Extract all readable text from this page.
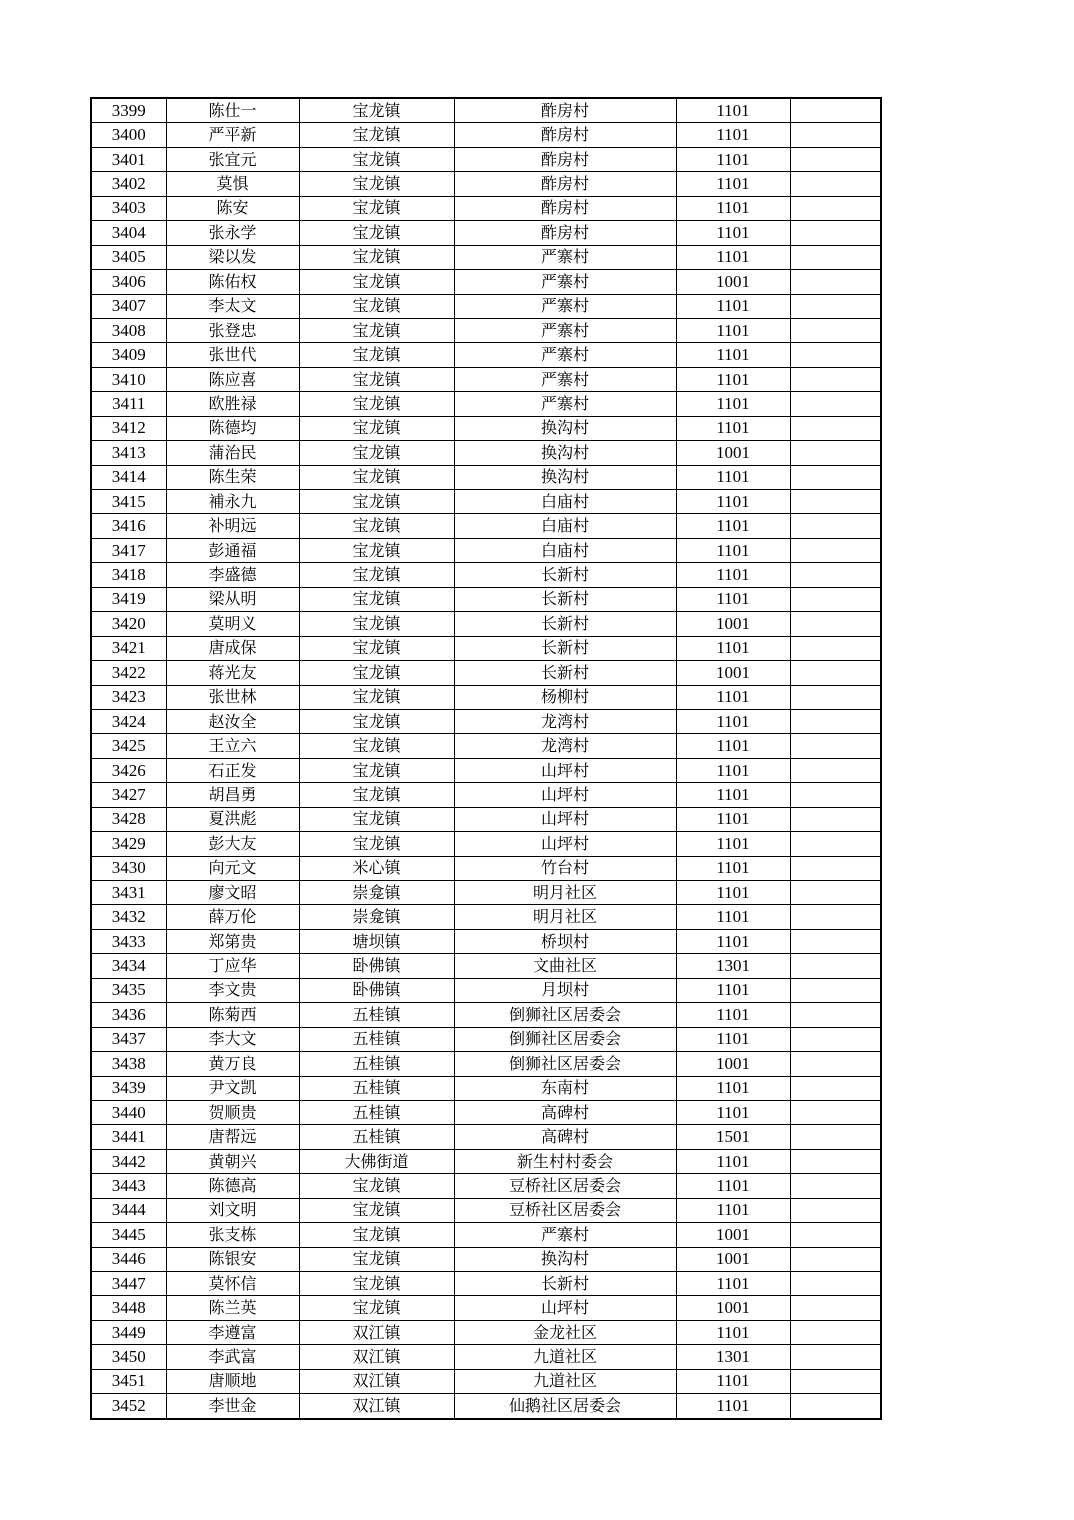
3399	陈仕一	宝龙镇	酢房村	1101	
3400	严平新	宝龙镇	酢房村	1101	
3401	张宜元	宝龙镇	酢房村	1101	
3402	莫惧	宝龙镇	酢房村	1101	
3403	陈安	宝龙镇	酢房村	1101	
3404	张永学	宝龙镇	酢房村	1101	
3405	梁以发	宝龙镇	严寨村	1101	
3406	陈佑权	宝龙镇	严寨村	1001	
3407	李太文	宝龙镇	严寨村	1101	
3408	张登忠	宝龙镇	严寨村	1101	
3409	张世代	宝龙镇	严寨村	1101	
3410	陈应喜	宝龙镇	严寨村	1101	
3411	欧胜禄	宝龙镇	严寨村	1101	
3412	陈德均	宝龙镇	换沟村	1101	
3413	蒲治民	宝龙镇	换沟村	1001	
3414	陈生荣	宝龙镇	换沟村	1101	
3415	補永九	宝龙镇	白庙村	1101	
3416	补明远	宝龙镇	白庙村	1101	
3417	彭通福	宝龙镇	白庙村	1101	
3418	李盛德	宝龙镇	长新村	1101	
3419	梁从明	宝龙镇	长新村	1101	
3420	莫明义	宝龙镇	长新村	1001	
3421	唐成保	宝龙镇	长新村	1101	
3422	蒋光友	宝龙镇	长新村	1001	
3423	张世林	宝龙镇	杨柳村	1101	
3424	赵汝全	宝龙镇	龙湾村	1101	
3425	王立六	宝龙镇	龙湾村	1101	
3426	石正发	宝龙镇	山坪村	1101	
3427	胡昌勇	宝龙镇	山坪村	1101	
3428	夏洪彪	宝龙镇	山坪村	1101	
3429	彭大友	宝龙镇	山坪村	1101	
3430	向元文	米心镇	竹台村	1101	
3431	廖文昭	崇龛镇	明月社区	1101	
3432	薛万伦	崇龛镇	明月社区	1101	
3433	郑第贵	塘坝镇	桥坝村	1101	
3434	丁应华	卧佛镇	文曲社区	1301	
3435	李文贵	卧佛镇	月坝村	1101	
3436	陈菊西	五桂镇	倒狮社区居委会	1101	
3437	李大文	五桂镇	倒狮社区居委会	1101	
3438	黄万良	五桂镇	倒狮社区居委会	1001	
3439	尹文凯	五桂镇	东南村	1101	
3440	贺顺贵	五桂镇	高碑村	1101	
3441	唐帮远	五桂镇	高碑村	1501	
3442	黄朝兴	大佛街道	新生村村委会	1101	
3443	陈德高	宝龙镇	豆桥社区居委会	1101	
3444	刘文明	宝龙镇	豆桥社区居委会	1101	
3445	张支栋	宝龙镇	严寨村	1001	
3446	陈银安	宝龙镇	换沟村	1001	
3447	莫怀信	宝龙镇	长新村	1101	
3448	陈兰英	宝龙镇	山坪村	1001	
3449	李遵富	双江镇	金龙社区	1101	
3450	李武富	双江镇	九道社区	1301	
3451	唐顺地	双江镇	九道社区	1101	
3452	李世金	双江镇	仙鹅社区居委会	1101	
